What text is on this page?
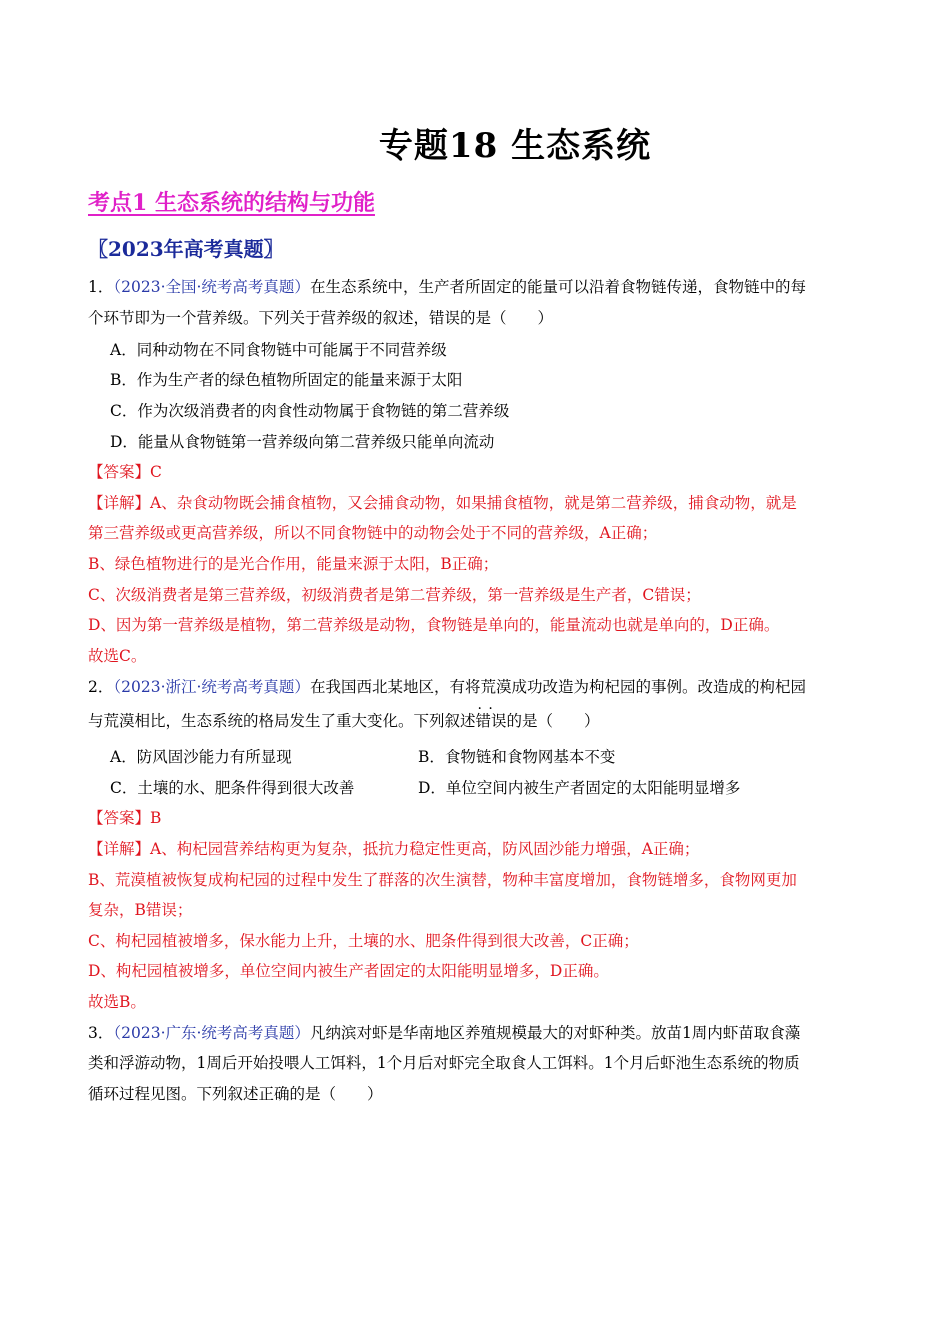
专题18 生态系统
考点1 生态系统的结构与功能
〖2023年高考真题〗
1．（2023·全国·统考高考真题）在生态系统中，生产者所固定的能量可以沿着食物链传递，食物链中的每
个环节即为一个营养级。下列关于营养级的叙述，错误的是（　　）
A．同种动物在不同食物链中可能属于不同营养级
B．作为生产者的绿色植物所固定的能量来源于太阳
C．作为次级消费者的肉食性动物属于食物链的第二营养级
D．能量从食物链第一营养级向第二营养级只能单向流动
【答案】C
【详解】A、杂食动物既会捕食植物，又会捕食动物，如果捕食植物，就是第二营养级，捕食动物，就是
第三营养级或更高营养级，所以不同食物链中的动物会处于不同的营养级，A正确；
B、绿色植物进行的是光合作用，能量来源于太阳，B正确；
C、次级消费者是第三营养级，初级消费者是第二营养级，第一营养级是生产者，C错误；
D、因为第一营养级是植物，第二营养级是动物，食物链是单向的，能量流动也就是单向的，D正确。
故选C。
2．（2023·浙江·统考高考真题）在我国西北某地区，有将荒漠成功改造为枸杞园的事例。改造成的枸杞园
与荒漠相比，生态系统的格局发生了重大变化。下列叙述· · 错误的是（　　）
A．防风固沙能力有所显现	B．食物链和食物网基本不变
C．土壤的水、肥条件得到很大改善	D．单位空间内被生产者固定的太阳能明显增多
【答案】B
【详解】A、枸杞园营养结构更为复杂，抵抗力稳定性更高，防风固沙能力增强，A正确；
B、荒漠植被恢复成枸杞园的过程中发生了群落的次生演替，物种丰富度增加，食物链增多，食物网更加
复杂，B错误；
C、枸杞园植被增多，保水能力上升，土壤的水、肥条件得到很大改善，C正确；
D、枸杞园植被增多，单位空间内被生产者固定的太阳能明显增多，D正确。
故选B。
3．（2023·广东·统考高考真题）凡纳滨对虾是华南地区养殖规模最大的对虾种类。放苗1周内虾苗取食藻
类和浮游动物，1周后开始投喂人工饵料，1个月后对虾完全取食人工饵料。1个月后虾池生态系统的物质
循环过程见图。下列叙述正确的是（　　）
